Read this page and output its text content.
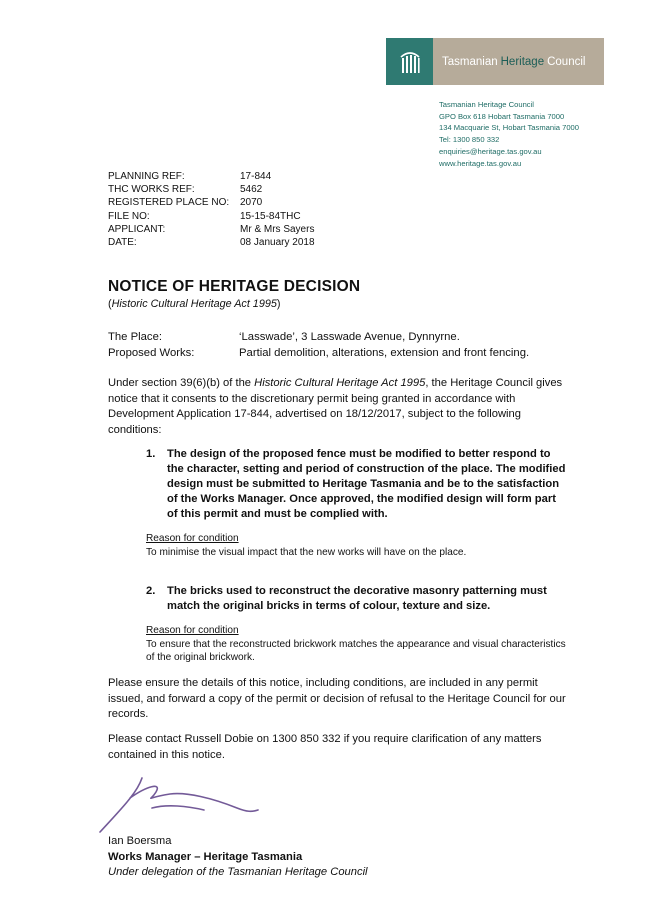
Tasmanian Heritage Council
Tasmanian Heritage Council
GPO Box 618 Hobart Tasmania 7000
134 Macquarie St, Hobart Tasmania 7000
Tel: 1300 850 332
enquiries@heritage.tas.gov.au
www.heritage.tas.gov.au
PLANNING REF:	17-844
THC WORKS REF:	5462
REGISTERED PLACE NO:	2070
FILE NO:	15-15-84THC
APPLICANT:	Mr & Mrs Sayers
DATE:	08 January 2018
NOTICE OF HERITAGE DECISION
(Historic Cultural Heritage Act 1995)
The Place:	‘Lasswade’, 3 Lasswade Avenue, Dynnyrne.
Proposed Works:	Partial demolition, alterations, extension and front fencing.

Under section 39(6)(b) of the Historic Cultural Heritage Act 1995, the Heritage Council gives notice that it consents to the discretionary permit being granted in accordance with Development Application 17-844, advertised on 18/12/2017, subject to the following conditions:

1.	The design of the proposed fence must be modified to better respond to the character, setting and period of construction of the place. The modified design must be submitted to Heritage Tasmania and be to the satisfaction of the Works Manager. Once approved, the modified design will form part of this permit and must be complied with.
Reason for condition
To minimise the visual impact that the new works will have on the place.
2.	The bricks used to reconstruct the decorative masonry patterning must match the original bricks in terms of colour, texture and size.
Reason for condition
To ensure that the reconstructed brickwork matches the appearance and visual characteristics of the original brickwork.

Please ensure the details of this notice, including conditions, are included in any permit issued, and forward a copy of the permit or decision of refusal to the Heritage Council for our records.

Please contact Russell Dobie on 1300 850 332 if you require clarification of any matters contained in this notice.

Ian Boersma
Works Manager – Heritage Tasmania
Under delegation of the Tasmanian Heritage Council
